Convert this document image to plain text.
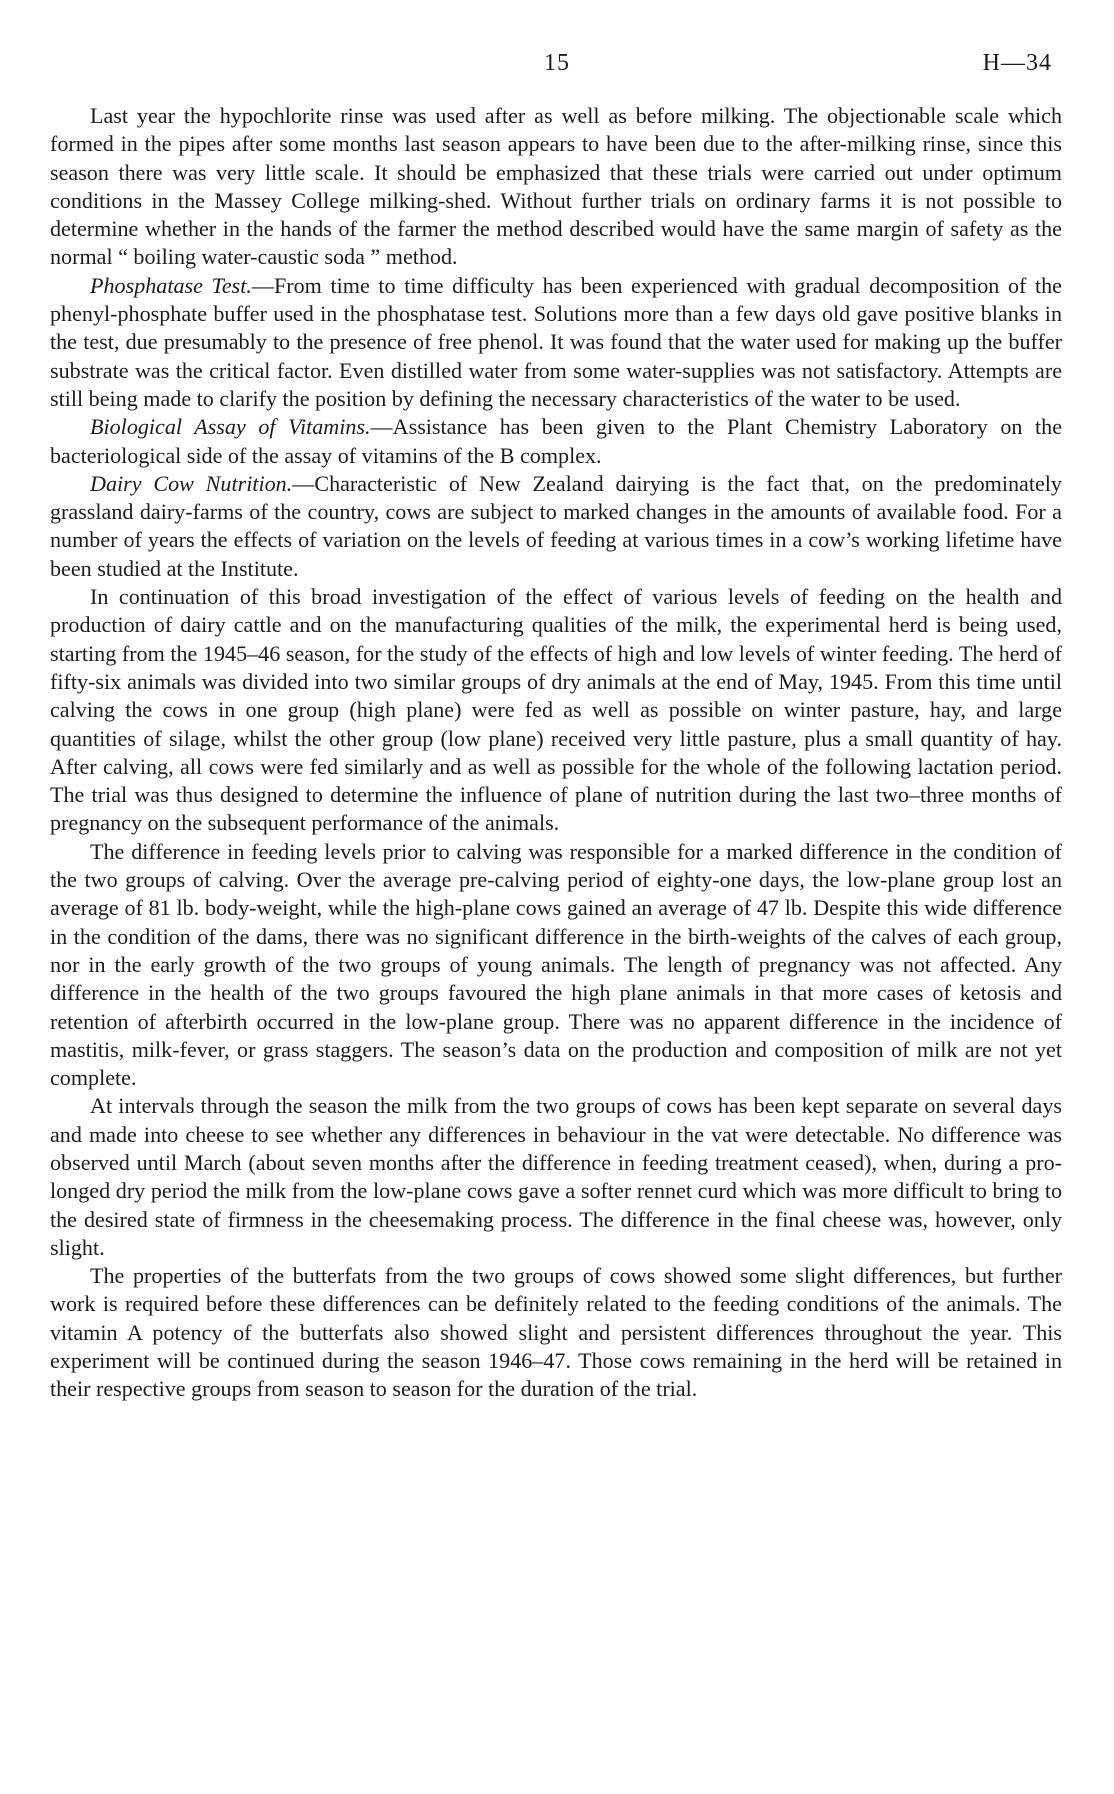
15	H—34

Last year the hypochlorite rinse was used after as well as before milking. The objectionable scale which formed in the pipes after some months last season appears to have been due to the after-milking rinse, since this season there was very little scale. It should be emphasized that these trials were carried out under optimum conditions in the Massey College milking-shed. Without further trials on ordinary farms it is not possible to determine whether in the hands of the farmer the method described would have the same margin of safety as the normal “ boiling water-caustic soda ” method.

Phosphatase Test.—From time to time difficulty has been experienced with gradual decomposition of the phenyl-phosphate buffer used in the phosphatase test. Solutions more than a few days old gave positive blanks in the test, due presumably to the presence of free phenol. It was found that the water used for making up the buffer substrate was the critical factor. Even distilled water from some water-supplies was not satisfactory. Attempts are still being made to clarify the position by defining the necessary characteristics of the water to be used.

Biological Assay of Vitamins.—Assistance has been given to the Plant Chemistry Laboratory on the bacteriological side of the assay of vitamins of the B complex.

Dairy Cow Nutrition.—Characteristic of New Zealand dairying is the fact that, on the predominately grassland dairy-farms of the country, cows are subject to marked changes in the amounts of available food. For a number of years the effects of variation on the levels of feeding at various times in a cow’s working lifetime have been studied at the Institute.

In continuation of this broad investigation of the effect of various levels of feeding on the health and production of dairy cattle and on the manufacturing qualities of the milk, the experimental herd is being used, starting from the 1945–46 season, for the study of the effects of high and low levels of winter feeding. The herd of fifty-six animals was divided into two similar groups of dry animals at the end of May, 1945. From this time until calving the cows in one group (high plane) were fed as well as possible on winter pasture, hay, and large quantities of silage, whilst the other group (low plane) received very little pasture, plus a small quantity of hay. After calving, all cows were fed similarly and as well as possible for the whole of the following lactation period. The trial was thus designed to determine the influence of plane of nutrition during the last two–three months of pregnancy on the subsequent performance of the animals.

The difference in feeding levels prior to calving was responsible for a marked difference in the condition of the two groups of calving. Over the average pre-calving period of eighty-one days, the low-plane group lost an average of 81 lb. body-weight, while the high-plane cows gained an average of 47 lb. Despite this wide difference in the condition of the dams, there was no significant difference in the birth-weights of the calves of each group, nor in the early growth of the two groups of young animals. The length of pregnancy was not affected. Any difference in the health of the two groups favoured the high plane animals in that more cases of ketosis and retention of afterbirth occurred in the low-plane group. There was no apparent difference in the incidence of mastitis, milk-fever, or grass staggers. The season’s data on the production and composition of milk are not yet complete.

At intervals through the season the milk from the two groups of cows has been kept separate on several days and made into cheese to see whether any differences in behaviour in the vat were detectable. No difference was observed until March (about seven months after the difference in feeding treatment ceased), when, during a pro-longed dry period the milk from the low-plane cows gave a softer rennet curd which was more difficult to bring to the desired state of firmness in the cheesemaking process. The difference in the final cheese was, however, only slight.

The properties of the butterfats from the two groups of cows showed some slight differences, but further work is required before these differences can be definitely related to the feeding conditions of the animals. The vitamin A potency of the butterfats also showed slight and persistent differences throughout the year. This experiment will be continued during the season 1946–47. Those cows remaining in the herd will be retained in their respective groups from season to season for the duration of the trial.
